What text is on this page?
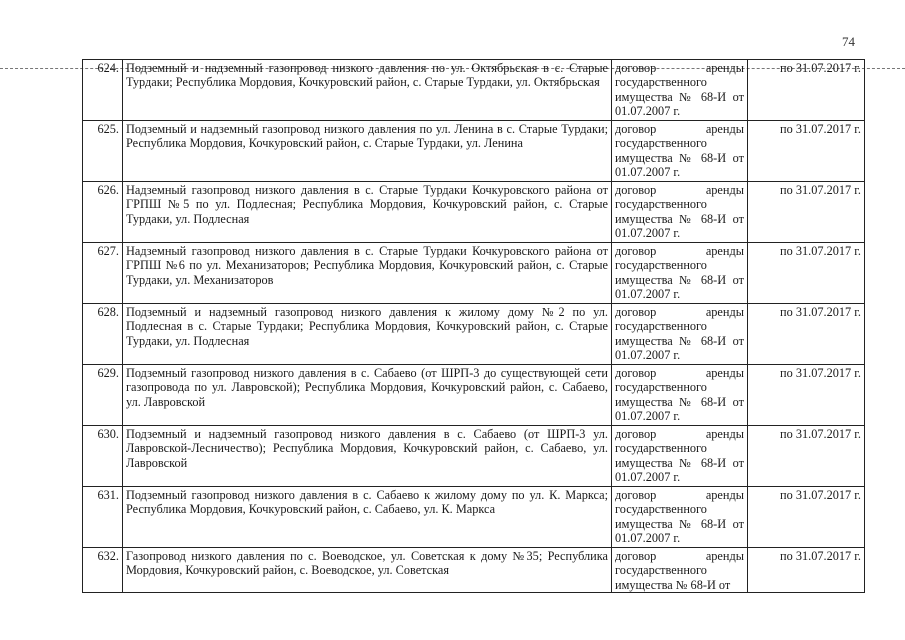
74
624.	Подземный и надземный газопровод низкого давления по ул. Октябрьская в с. Старые Турдаки; Республика Мордовия, Кочкуровский район, с. Старые Турдаки, ул. Октябрьская	договор аренды
государственного имущества № 68-И от 01.07.2007 г.	по 31.07.2017 г.
625.	Подземный и надземный газопровод низкого давления по ул. Ленина в с. Старые Турдаки; Республика Мордовия, Кочкуровский район, с. Старые Турдаки, ул. Ленина	договор аренды
государственного имущества № 68-И от 01.07.2007 г.	по 31.07.2017 г.
626.	Надземный газопровод низкого давления в с. Старые Турдаки Кочкуровского района от ГРПШ №5 по ул. Подлесная; Республика Мордовия, Кочкуровский район, с. Старые Турдаки, ул. Подлесная	договор аренды
государственного имущества № 68-И от 01.07.2007 г.	по 31.07.2017 г.
627.	Надземный газопровод низкого давления в с. Старые Турдаки Кочкуровского района от ГРПШ №6 по ул. Механизаторов; Республика Мордовия, Кочкуровский район, с. Старые Турдаки, ул. Механизаторов	договор аренды
государственного имущества № 68-И от 01.07.2007 г.	по 31.07.2017 г.
628.	Подземный и надземный газопровод низкого давления к жилому дому №2 по ул. Подлесная в с. Старые Турдаки; Республика Мордовия, Кочкуровский район, с. Старые Турдаки, ул. Подлесная	договор аренды
государственного имущества № 68-И от 01.07.2007 г.	по 31.07.2017 г.
629.	Подземный газопровод низкого давления в с. Сабаево (от ШРП-3 до существующей сети газопровода по ул. Лавровской); Республика Мордовия, Кочкуровский район, с. Сабаево, ул. Лавровской	договор аренды
государственного имущества № 68-И от 01.07.2007 г.	по 31.07.2017 г.
630.	Подземный и надземный газопровод низкого давления в с. Сабаево (от ШРП-3 ул. Лавровской-Лесничество); Республика Мордовия, Кочкуровский район, с. Сабаево, ул. Лавровской	договор аренды
государственного имущества № 68-И от 01.07.2007 г.	по 31.07.2017 г.
631.	Подземный газопровод низкого давления в с. Сабаево к жилому дому по ул. К. Маркса; Республика Мордовия, Кочкуровский район, с. Сабаево, ул. К. Маркса	договор аренды
государственного имущества № 68-И от 01.07.2007 г.	по 31.07.2017 г.
632.	Газопровод низкого давления по с. Воеводское, ул. Советская к дому №35; Республика Мордовия, Кочкуровский район, с. Воеводское, ул. Советская	договор аренды
государственного имущества № 68-И от	по 31.07.2017 г.
